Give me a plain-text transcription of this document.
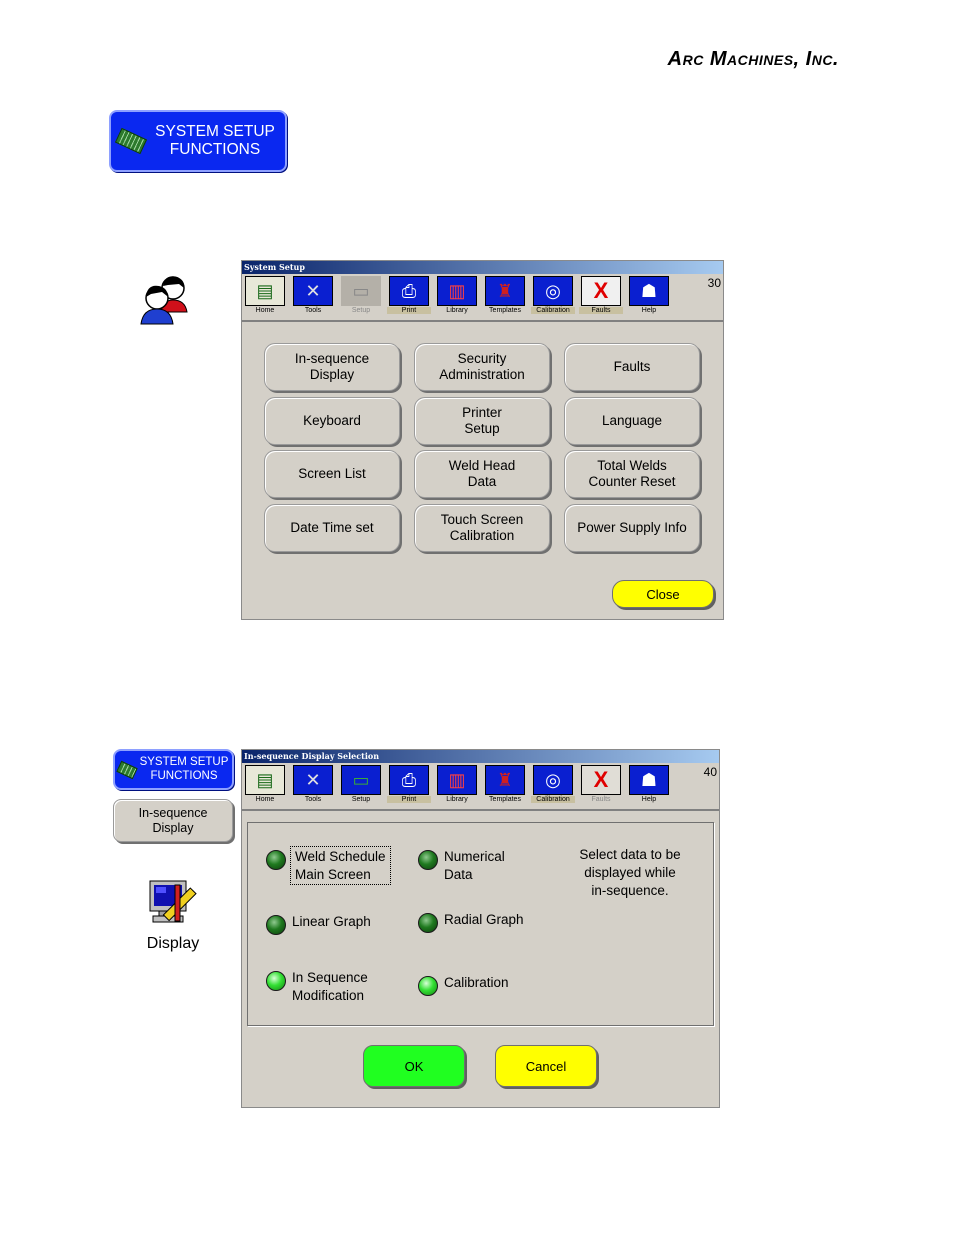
Arc Machines, Inc.
SYSTEM SETUP
FUNCTIONS
System Setup
▤
Home
✕
Tools
▭
Setup
⎙
Print
▥
Library
♜
Templates
◎
Calibration
X
Faults
☗
Help
30
In-sequence
Display
Security
Administration
Faults
Keyboard
Printer
Setup
Language
Screen List
Weld Head
Data
Total Welds
Counter Reset
Date Time set
Touch Screen
Calibration
Power Supply Info
Close
SYSTEM SETUP
FUNCTIONS
In-sequence
Display
Display
In-sequence Display Selection
▤
Home
✕
Tools
▭
Setup
⎙
Print
▥
Library
♜
Templates
◎
Calibration
X
Faults
☗
Help
40
Weld Schedule
Main Screen
Numerical
Data
Linear Graph	Radial Graph
In Sequence
Modification
Calibration
Select data to be
displayed while
in-sequence.
OK	Cancel
